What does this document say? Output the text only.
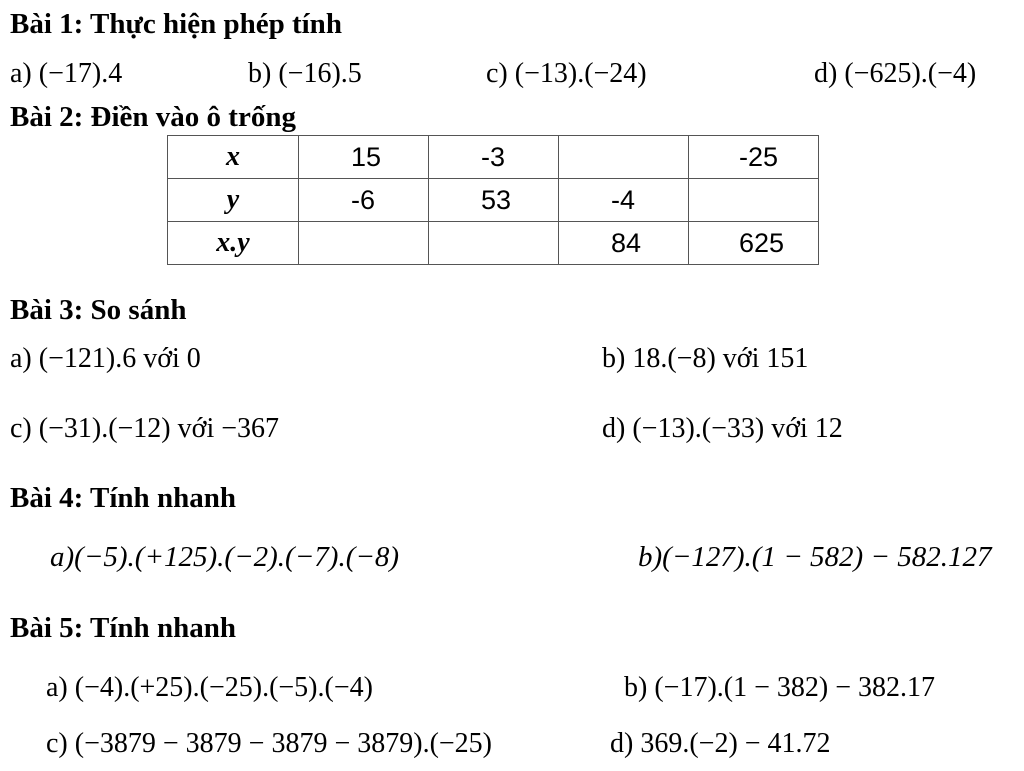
Bài 1: Thực hiện phép tính
a) (−17).4	b) (−16).5	c) (−13).(−24)	d) (−625).(−4)
Bài 2: Điền vào ô trống
x	15	-3		-25
y	-6	53	-4	
x.y			84	625
Bài 3: So sánh
a) (−121).6 với 0	b) 18.(−8) với 151
c) (−31).(−12) với −367	d) (−13).(−33) với 12
Bài 4: Tính nhanh
a)(−5).(+125).(−2).(−7).(−8)	b)(−127).(1 − 582) − 582.127
Bài 5: Tính nhanh
a) (−4).(+25).(−25).(−5).(−4)	b) (−17).(1 − 382) − 382.17
c) (−3879 − 3879 − 3879 − 3879).(−25)	d) 369.(−2) − 41.72
